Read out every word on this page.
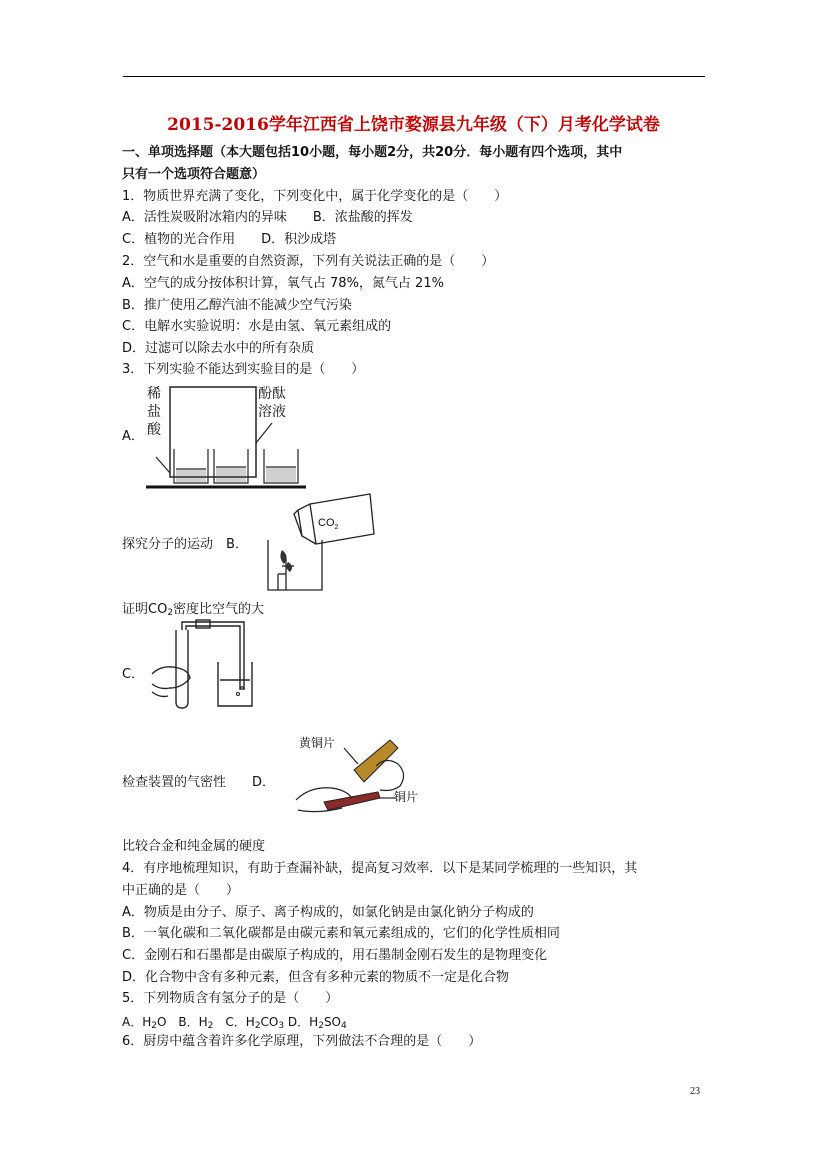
2015-2016学年江西省上饶市婺源县九年级（下）月考化学试卷
一、单项选择题（本大题包括10小题，每小题2分，共20分．每小题有四个选项，其中
只有一个选项符合题意）
1．物质世界充满了变化，下列变化中，属于化学变化的是（　　）
A．活性炭吸附冰箱内的异味　　B．浓盐酸的挥发
C．植物的光合作用　　D．积沙成塔
2．空气和水是重要的自然资源，下列有关说法正确的是（　　）
A．空气的成分按体积计算，氧气占 78%，氮气占 21%
B．推广使用乙醇汽油不能减少空气污染
C．电解水实验说明：水是由氢、氧元素组成的
D．过滤可以除去水中的所有杂质
3．下列实验不能达到实验目的是（　　）
A．
稀
盐
酸
酚酞
溶液
探究分子的运动　 B．
$CO_2$
证明$CO_2$密度比空气的大
C．
检查装置的气密性　　 D．
黄铜片
铜片
比较合金和纯金属的硬度
4．有序地梳理知识，有助于查漏补缺，提高复习效率．以下是某同学梳理的一些知识，其
中正确的是（　　）
A．物质是由分子、原子、离子构成的，如氯化钠是由氯化钠分子构成的
B．一氧化碳和二氧化碳都是由碳元素和氧元素组成的，它们的化学性质相同
C．金刚石和石墨都是由碳原子构成的，用石墨制金刚石发生的是物理变化
D．化合物中含有多种元素，但含有多种元素的物质不一定是化合物
5．下列物质含有氢分子的是（　　）
A．$H_2O$　B．$H_2$　C．$H_2CO_3$ D．$H_2SO_4$
6．厨房中蕴含着许多化学原理，下列做法不合理的是（　　）
23
